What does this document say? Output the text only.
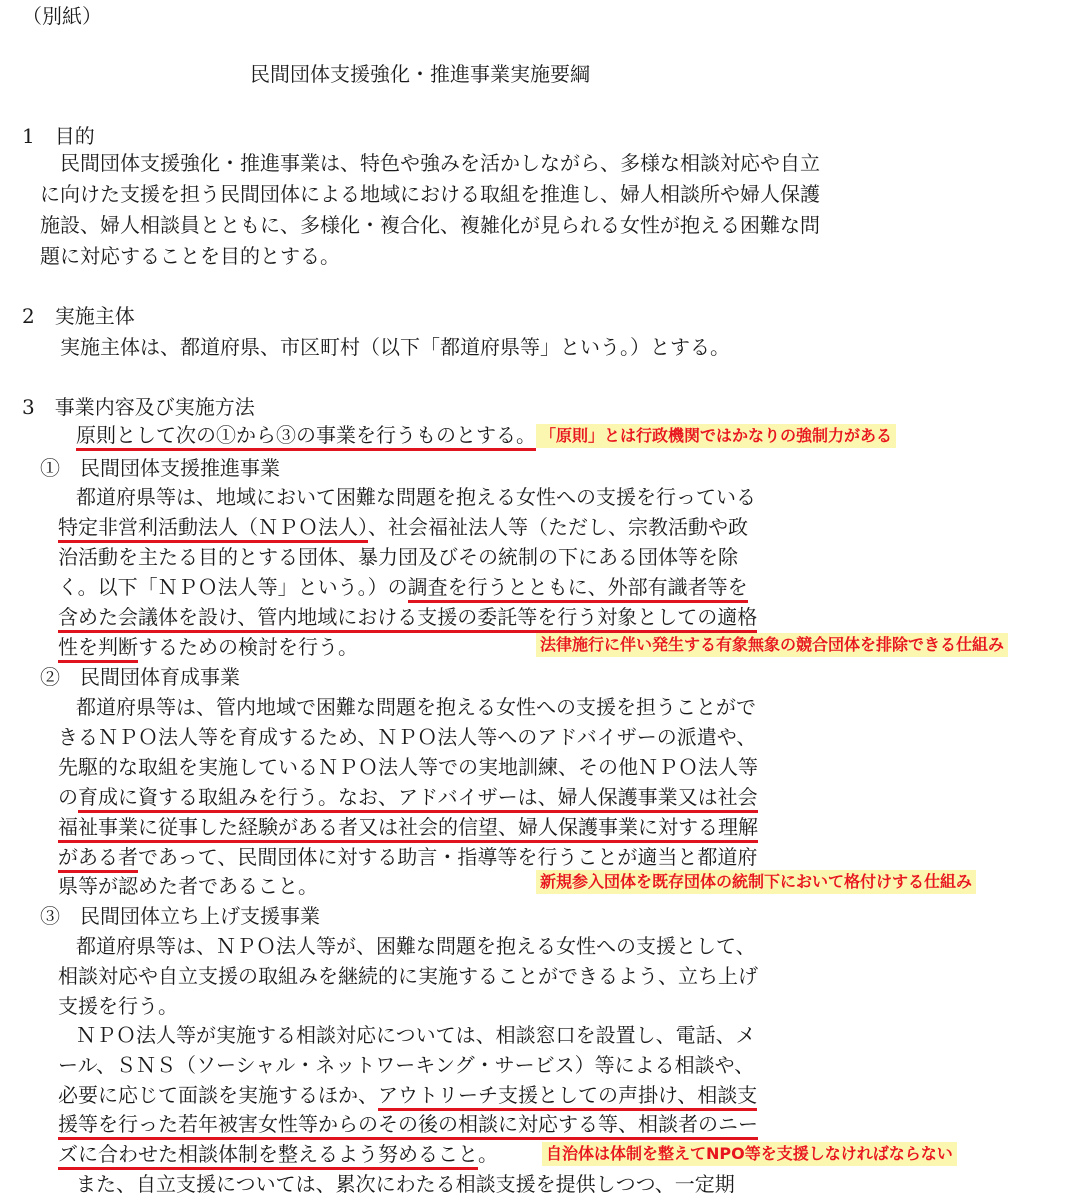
（別紙）
民間団体支援強化・推進事業実施要綱
1　目的
民間団体支援強化・推進事業は、特色や強みを活かしながら、多様な相談対応や自立
に向けた支援を担う民間団体による地域における取組を推進し、婦人相談所や婦人保護
施設、婦人相談員とともに、多様化・複合化、複雑化が見られる女性が抱える困難な問
題に対応することを目的とする。
2　実施主体
実施主体は、都道府県、市区町村（以下「都道府県等」という。）とする。
3　事業内容及び実施方法
原則として次の①から③の事業を行うものとする。 「原則」とは行政機関ではかなりの強制力がある
①　民間団体支援推進事業
都道府県等は、地域において困難な問題を抱える女性への支援を行っている
特定非営利活動法人（ＮＰＯ法人）、社会福祉法人等（ただし、宗教活動や政
治活動を主たる目的とする団体、暴力団及びその統制の下にある団体等を除
く。以下「ＮＰＯ法人等」という。）の調査を行うとともに、外部有識者等を
含めた会議体を設け、管内地域における支援の委託等を行う対象としての適格
性を判断するための検討を行う。	法律施行に伴い発生する有象無象の競合団体を排除できる仕組み
②　民間団体育成事業
都道府県等は、管内地域で困難な問題を抱える女性への支援を担うことがで
きるＮＰＯ法人等を育成するため、ＮＰＯ法人等へのアドバイザーの派遣や、
先駆的な取組を実施しているＮＰＯ法人等での実地訓練、その他ＮＰＯ法人等
の育成に資する取組みを行う。なお、アドバイザーは、婦人保護事業又は社会
福祉事業に従事した経験がある者又は社会的信望、婦人保護事業に対する理解
がある者であって、民間団体に対する助言・指導等を行うことが適当と都道府
県等が認めた者であること。	新規参入団体を既存団体の統制下において格付けする仕組み
③　民間団体立ち上げ支援事業
都道府県等は、ＮＰＯ法人等が、困難な問題を抱える女性への支援として、
相談対応や自立支援の取組みを継続的に実施することができるよう、立ち上げ
支援を行う。
ＮＰＯ法人等が実施する相談対応については、相談窓口を設置し、電話、メ
ール、ＳＮＳ（ソーシャル・ネットワーキング・サービス）等による相談や、
必要に応じて面談を実施するほか、アウトリーチ支援としての声掛け、相談支
援等を行った若年被害女性等からのその後の相談に対応する等、相談者のニー
ズに合わせた相談体制を整えるよう努めること。	自治体は体制を整えてNPO等を支援しなければならない
また、自立支援については、累次にわたる相談支援を提供しつつ、一定期
